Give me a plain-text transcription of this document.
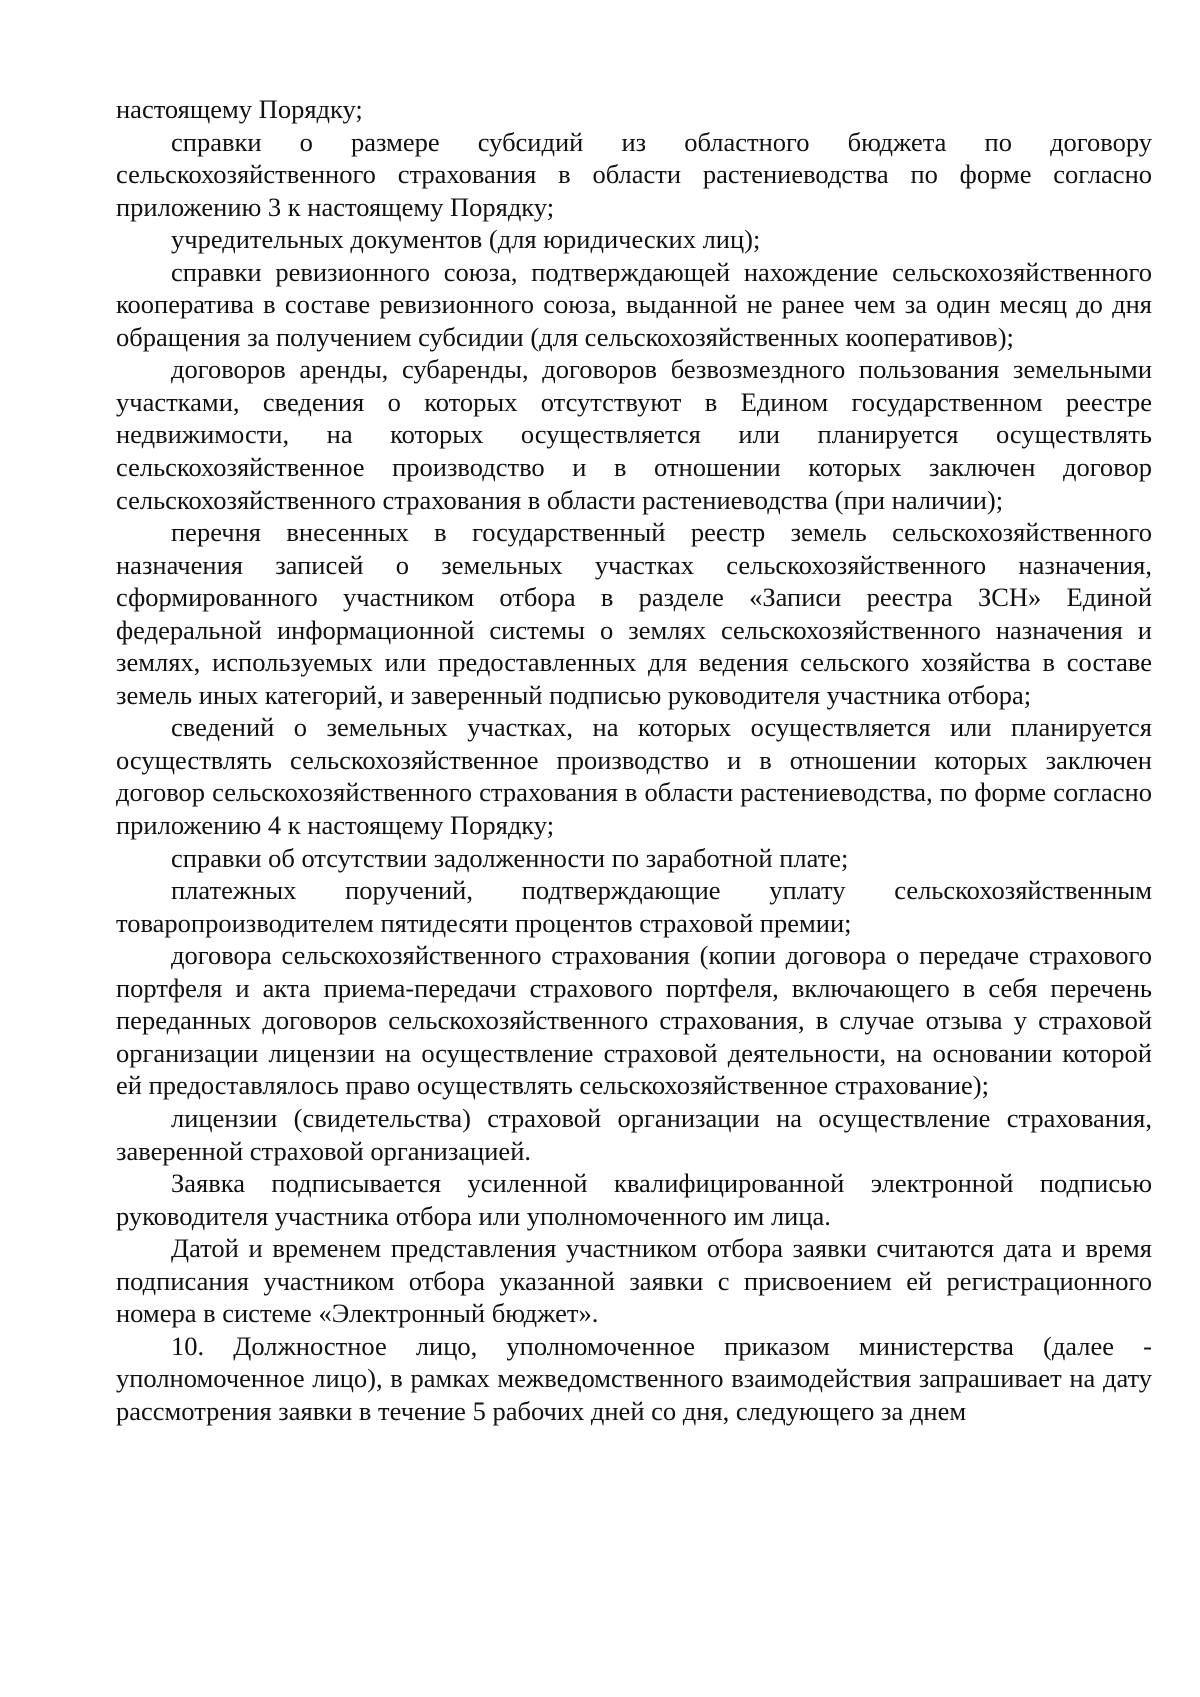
настоящему Порядку;

справки о размере субсидий из областного бюджета по договору сельскохозяйственного страхования в области растениеводства по форме согласно приложению 3 к настоящему Порядку;

учредительных документов (для юридических лиц);

справки ревизионного союза, подтверждающей нахождение сельскохозяйственного кооператива в составе ревизионного союза, выданной не ранее чем за один месяц до дня обращения за получением субсидии (для сельскохозяйственных кооперативов);

договоров аренды, субаренды, договоров безвозмездного пользования земельными участками, сведения о которых отсутствуют в Едином государственном реестре недвижимости, на которых осуществляется или планируется осуществлять сельскохозяйственное производство и в отношении которых заключен договор сельскохозяйственного страхования в области растениеводства (при наличии);

перечня внесенных в государственный реестр земель сельскохозяйственного назначения записей о земельных участках сельскохозяйственного назначения, сформированного участником отбора в разделе «Записи реестра ЗСН» Единой федеральной информационной системы о землях сельскохозяйственного назначения и землях, используемых или предоставленных для ведения сельского хозяйства в составе земель иных категорий, и заверенный подписью руководителя участника отбора;

сведений о земельных участках, на которых осуществляется или планируется осуществлять сельскохозяйственное производство и в отношении которых заключен договор сельскохозяйственного страхования в области растениеводства, по форме согласно приложению 4 к настоящему Порядку;

справки об отсутствии задолженности по заработной плате;

платежных поручений, подтверждающие уплату сельскохозяйственным товаропроизводителем пятидесяти процентов страховой премии;

договора сельскохозяйственного страхования (копии договора о передаче страхового портфеля и акта приема-передачи страхового портфеля, включающего в себя перечень переданных договоров сельскохозяйственного страхования, в случае отзыва у страховой организации лицензии на осуществление страховой деятельности, на основании которой ей предоставлялось право осуществлять сельскохозяйственное страхование);

лицензии (свидетельства) страховой организации на осуществление страхования, заверенной страховой организацией.

Заявка подписывается усиленной квалифицированной электронной подписью руководителя участника отбора или уполномоченного им лица.

Датой и временем представления участником отбора заявки считаются дата и время подписания участником отбора указанной заявки с присвоением ей регистрационного номера в системе «Электронный бюджет».

10. Должностное лицо, уполномоченное приказом министерства (далее - уполномоченное лицо), в рамках межведомственного взаимодействия запрашивает на дату рассмотрения заявки в течение 5 рабочих дней со дня, следующего за днем
